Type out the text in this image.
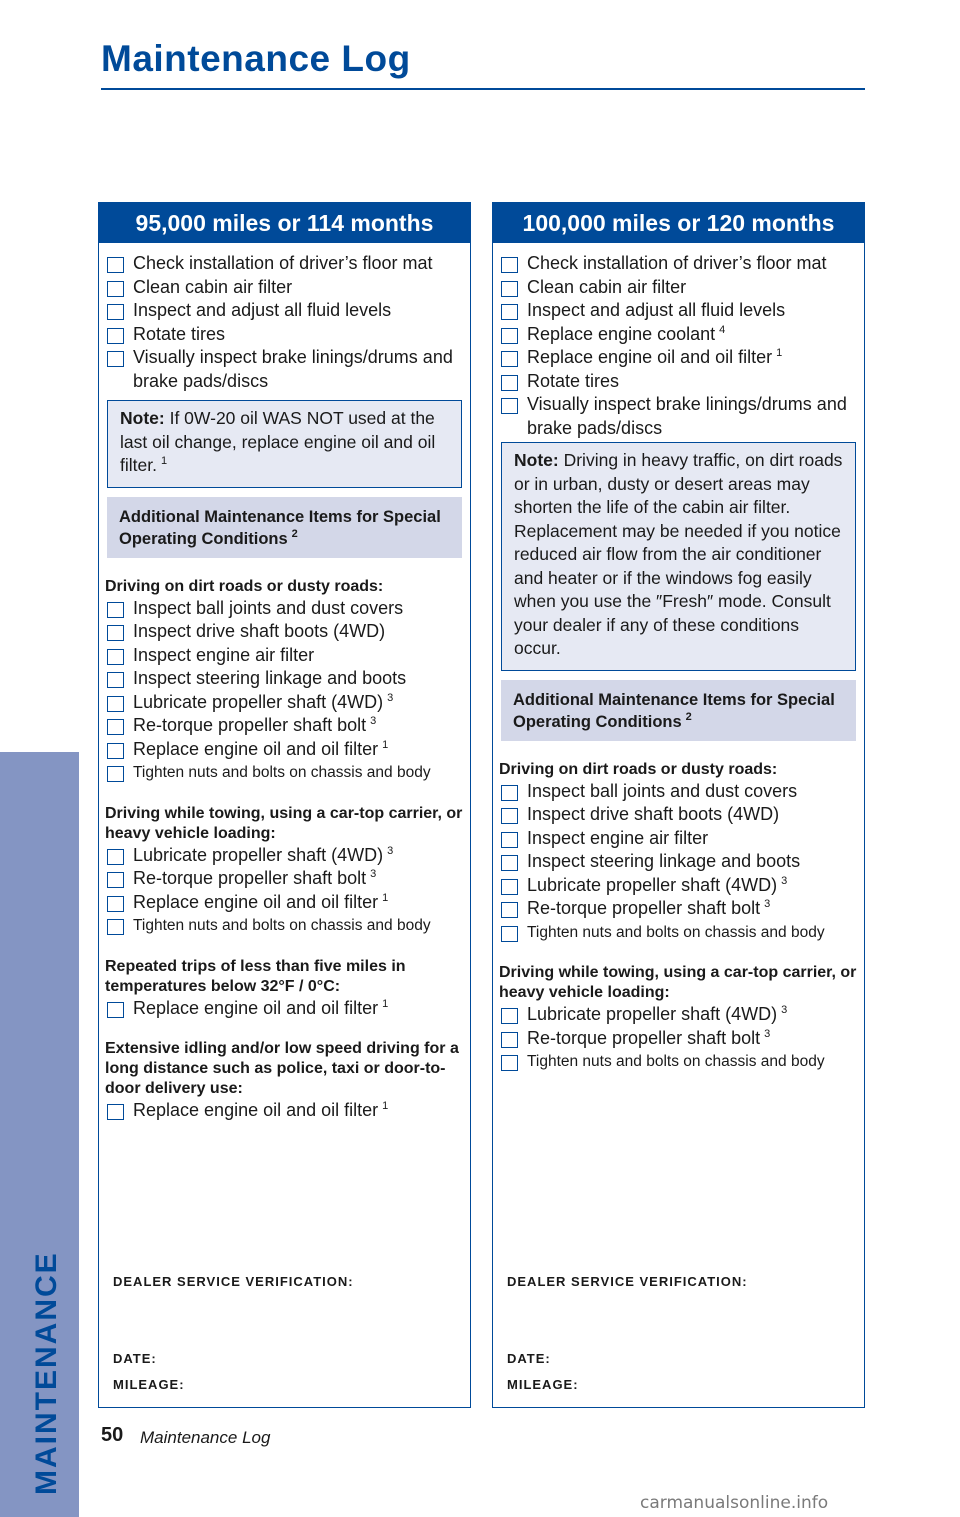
MAINTENANCE
Maintenance Log
95,000 miles or 114 months
Check installation of driver’s floor mat
Clean cabin air filter
Inspect and adjust all fluid levels
Rotate tires
Visually inspect brake linings/drums and brake pads/discs
Note: If 0W-20 oil WAS NOT used at the last oil change, replace engine oil and oil filter. $^1$
Additional Maintenance Items for Special Operating Conditions $^2$
Driving on dirt roads or dusty roads:
Inspect ball joints and dust covers
Inspect drive shaft boots (4WD)
Inspect engine air filter
Inspect steering linkage and boots
Lubricate propeller shaft (4WD) $^3$
Re-torque propeller shaft bolt $^3$
Replace engine oil and oil filter $^1$
Tighten nuts and bolts on chassis and body
Driving while towing, using a car-top carrier, or heavy vehicle loading:
Lubricate propeller shaft (4WD) $^3$
Re-torque propeller shaft bolt $^3$
Replace engine oil and oil filter $^1$
Tighten nuts and bolts on chassis and body
Repeated trips of less than five miles in temperatures below 32°F / 0°C:
Replace engine oil and oil filter $^1$
Extensive idling and/or low speed driving for a long distance such as police, taxi or door-to-door delivery use:
Replace engine oil and oil filter $^1$
DEALER SERVICE VERIFICATION:
DATE:
MILEAGE:
100,000 miles or 120 months
Check installation of driver’s floor mat
Clean cabin air filter
Inspect and adjust all fluid levels
Replace engine coolant $^4$
Replace engine oil and oil filter $^1$
Rotate tires
Visually inspect brake linings/drums and brake pads/discs
Note: Driving in heavy traffic, on dirt roads or in urban, dusty or desert areas may shorten the life of the cabin air filter. Replacement may be needed if you notice reduced air flow from the air conditioner and heater or if the windows fog easily when you use the ″Fresh″ mode. Consult your dealer if any of these conditions occur.
Additional Maintenance Items for Special Operating Conditions $^2$
Driving on dirt roads or dusty roads:
Inspect ball joints and dust covers
Inspect drive shaft boots (4WD)
Inspect engine air filter
Inspect steering linkage and boots
Lubricate propeller shaft (4WD) $^3$
Re-torque propeller shaft bolt $^3$
Tighten nuts and bolts on chassis and body
Driving while towing, using a car-top carrier, or heavy vehicle loading:
Lubricate propeller shaft (4WD) $^3$
Re-torque propeller shaft bolt $^3$
Tighten nuts and bolts on chassis and body
DEALER SERVICE VERIFICATION:
DATE:
MILEAGE:
50 Maintenance Log
carmanualsonline.info
